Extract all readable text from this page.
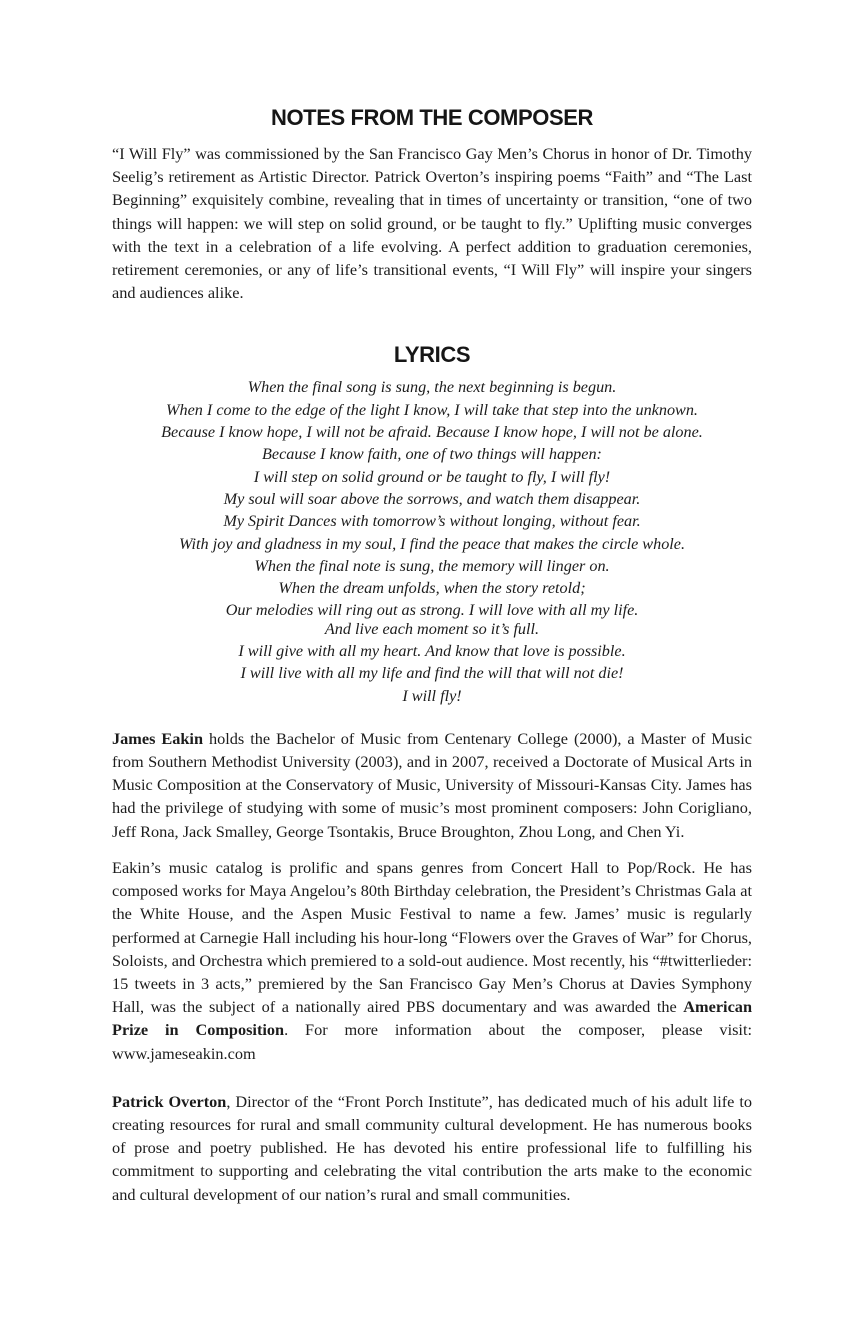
NOTES FROM THE COMPOSER

“I Will Fly” was commissioned by the San Francisco Gay Men’s Chorus in honor of Dr. Timothy Seelig’s retirement as Artistic Director. Patrick Overton’s inspiring poems “Faith” and “The Last Beginning” exquisitely combine, revealing that in times of uncertainty or transition, “one of two things will happen: we will step on solid ground, or be taught to fly.” Uplifting music converges with the text in a celebration of a life evolving. A perfect addition to graduation ceremonies, retirement ceremonies, or any of life’s transitional events, “I Will Fly” will inspire your singers and audiences alike.

LYRICS
When the final song is sung, the next beginning is begun.
When I come to the edge of the light I know, I will take that step into the unknown.
Because I know hope, I will not be afraid. Because I know hope, I will not be alone.
Because I know faith, one of two things will happen:
I will step on solid ground or be taught to fly, I will fly!
My soul will soar above the sorrows, and watch them disappear.
My Spirit Dances with tomorrow’s without longing, without fear.
With joy and gladness in my soul, I find the peace that makes the circle whole.
When the final note is sung, the memory will linger on.
When the dream unfolds, when the story retold;
Our melodies will ring out as strong. I will love with all my life.
And live each moment so it’s full.
I will give with all my heart. And know that love is possible.
I will live with all my life and find the will that will not die!
I will fly!

James Eakin holds the Bachelor of Music from Centenary College (2000), a Master of Music from Southern Methodist University (2003), and in 2007, received a Doctorate of Musical Arts in Music Composition at the Conservatory of Music, University of Missouri-Kansas City. James has had the privilege of studying with some of music’s most prominent composers: John Corigliano, Jeff Rona, Jack Smalley, George Tsontakis, Bruce Broughton, Zhou Long, and Chen Yi.

Eakin’s music catalog is prolific and spans genres from Concert Hall to Pop/Rock. He has composed works for Maya Angelou’s 80th Birthday celebration, the President’s Christmas Gala at the White House, and the Aspen Music Festival to name a few. James’ music is regularly performed at Carnegie Hall including his hour-long “Flowers over the Graves of War” for Chorus, Soloists, and Orchestra which premiered to a sold-out audience. Most recently, his “#twitterlieder: 15 tweets in 3 acts,” premiered by the San Francisco Gay Men’s Chorus at Davies Symphony Hall, was the subject of a nationally aired PBS documentary and was awarded the American Prize in Composition. For more information about the composer, please visit: www.jameseakin.com

Patrick Overton, Director of the “Front Porch Institute”, has dedicated much of his adult life to creating resources for rural and small community cultural development. He has numerous books of prose and poetry published. He has devoted his entire professional life to fulfilling his commitment to supporting and celebrating the vital contribution the arts make to the economic and cultural development of our nation’s rural and small communities.
